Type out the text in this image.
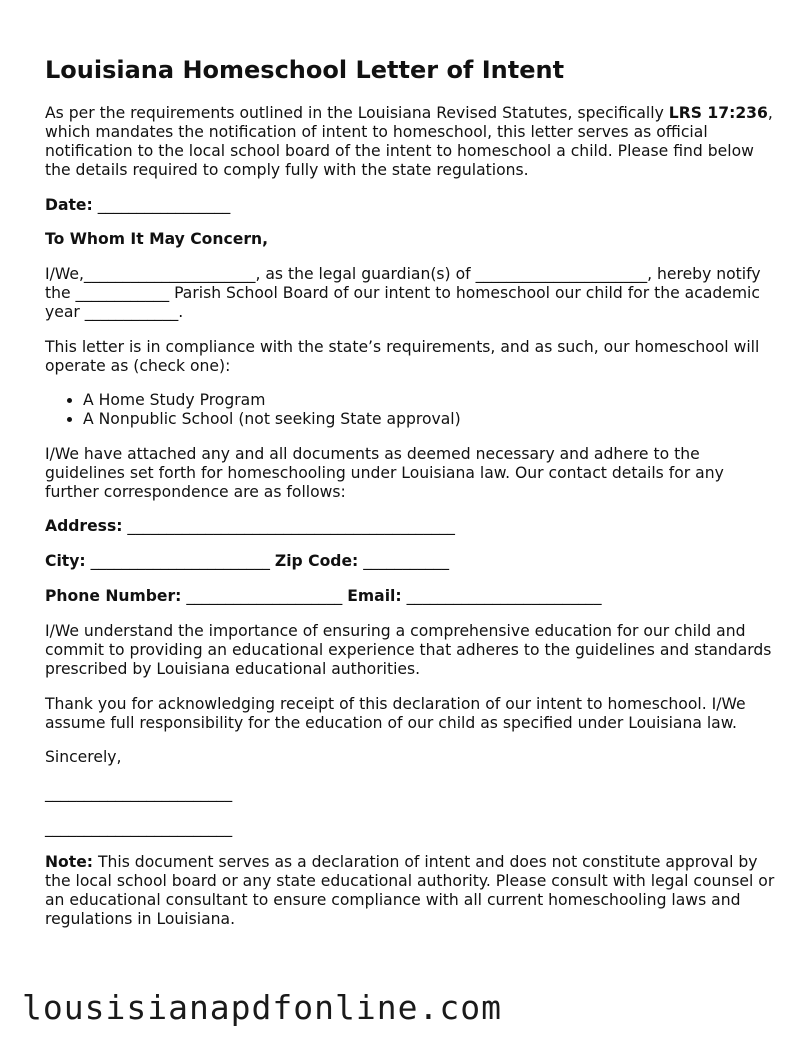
Louisiana Homeschool Letter of Intent

As per the requirements outlined in the Louisiana Revised Statutes, specifically LRS 17:236, which mandates the notification of intent to homeschool, this letter serves as official notification to the local school board of the intent to homeschool a child. Please find below the details required to comply fully with the state regulations.

Date: _________________

To Whom It May Concern,

I/We,______________________, as the legal guardian(s) of ______________________, hereby notify the ____________ Parish School Board of our intent to homeschool our child for the academic year ____________.

This letter is in compliance with the state’s requirements, and as such, our homeschool will operate as (check one):

• A Home Study Program
• A Nonpublic School (not seeking State approval)

I/We have attached any and all documents as deemed necessary and adhere to the guidelines set forth for homeschooling under Louisiana law. Our contact details for any further correspondence are as follows:

Address: __________________________________________

City: _______________________ Zip Code: ___________

Phone Number: ____________________ Email: _________________________

I/We understand the importance of ensuring a comprehensive education for our child and commit to providing an educational experience that adheres to the guidelines and standards prescribed by Louisiana educational authorities.

Thank you for acknowledging receipt of this declaration of our intent to homeschool. I/We assume full responsibility for the education of our child as specified under Louisiana law.

Sincerely,

________________________
________________________

Note: This document serves as a declaration of intent and does not constitute approval by the local school board or any state educational authority. Please consult with legal counsel or an educational consultant to ensure compliance with all current homeschooling laws and regulations in Louisiana.

lousisianapdfonline.com
